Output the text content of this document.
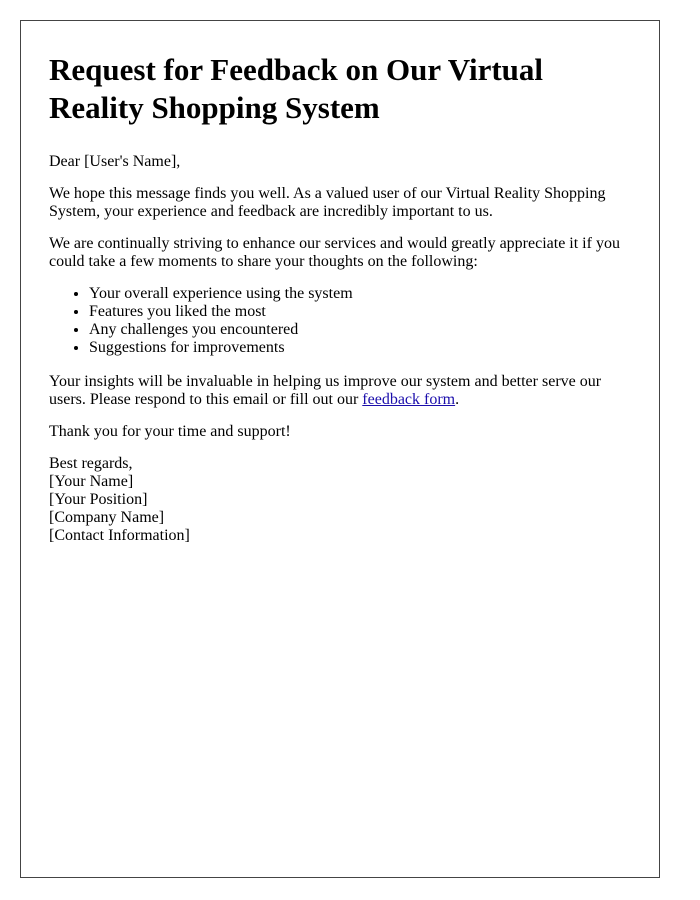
Request for Feedback on Our Virtual Reality Shopping System

Dear [User's Name],

We hope this message finds you well. As a valued user of our Virtual Reality Shopping System, your experience and feedback are incredibly important to us.

We are continually striving to enhance our services and would greatly appreciate it if you could take a few moments to share your thoughts on the following:

• Your overall experience using the system
• Features you liked the most
• Any challenges you encountered
• Suggestions for improvements

Your insights will be invaluable in helping us improve our system and better serve our users. Please respond to this email or fill out our feedback form.

Thank you for your time and support!

Best regards,
[Your Name]
[Your Position]
[Company Name]
[Contact Information]
